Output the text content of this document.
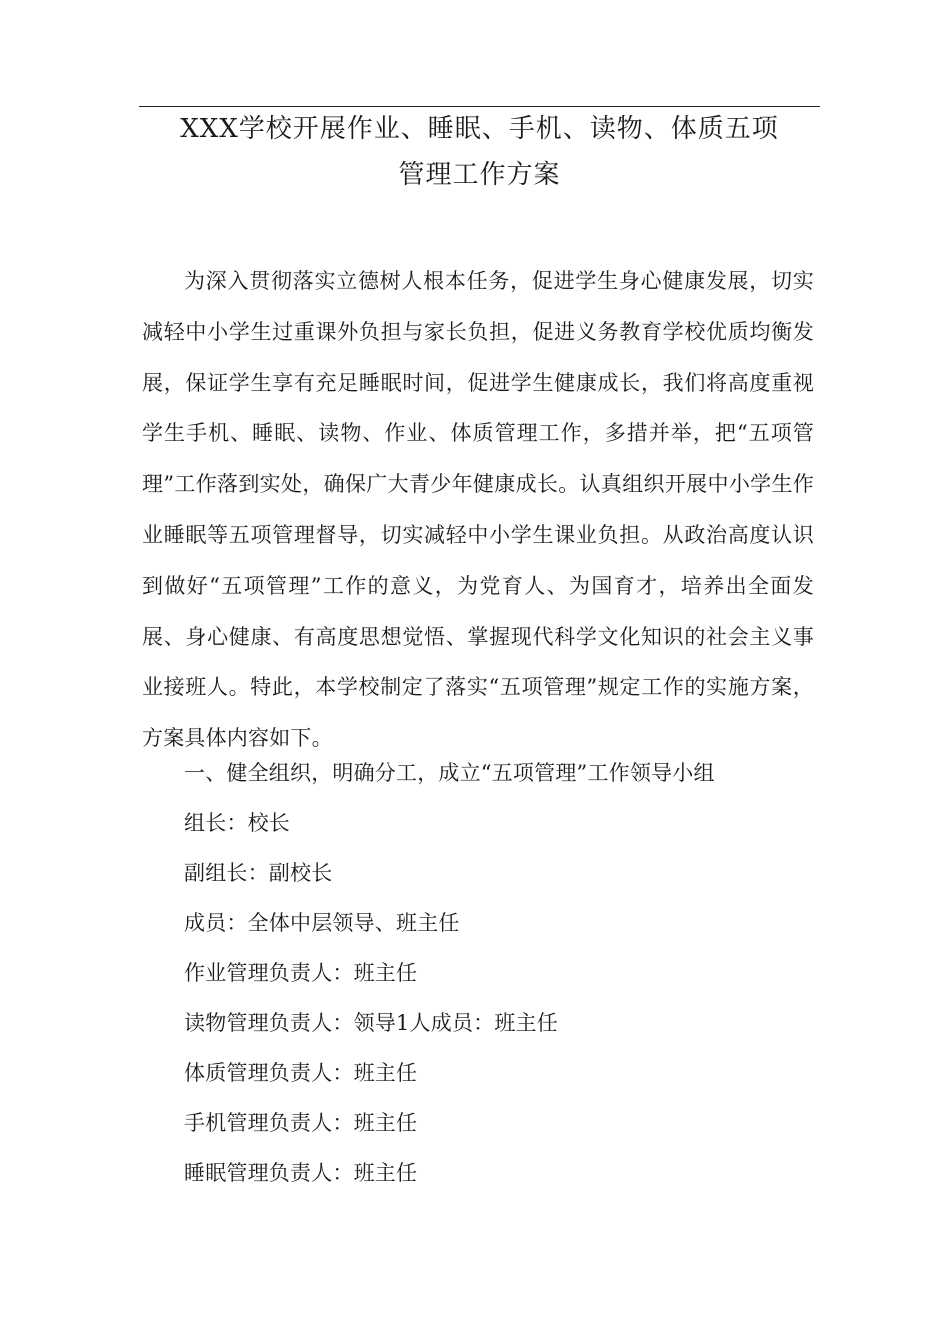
XXX学校开展作业、睡眠、手机、读物、体质五项
管理工作方案

为深入贯彻落实立德树人根本任务，促进学生身心健康发展，切实减轻中小学生过重课外负担与家长负担，促进义务教育学校优质均衡发展，保证学生享有充足睡眠时间，促进学生健康成长，我们将高度重视学生手机、睡眠、读物、作业、体质管理工作，多措并举，把“五项管理”工作落到实处，确保广大青少年健康成长。认真组织开展中小学生作业睡眠等五项管理督导，切实减轻中小学生课业负担。从政治高度认识到做好“五项管理”工作的意义，为党育人、为国育才，培养出全面发展、身心健康、有高度思想觉悟、掌握现代科学文化知识的社会主义事业接班人。特此，本学校制定了落实“五项管理”规定工作的实施方案，方案具体内容如下。

一、健全组织，明确分工，成立“五项管理”工作领导小组
组长：校长
副组长：副校长
成员：全体中层领导、班主任
作业管理负责人：班主任
读物管理负责人：领导1人成员：班主任
体质管理负责人：班主任
手机管理负责人：班主任
睡眠管理负责人：班主任
